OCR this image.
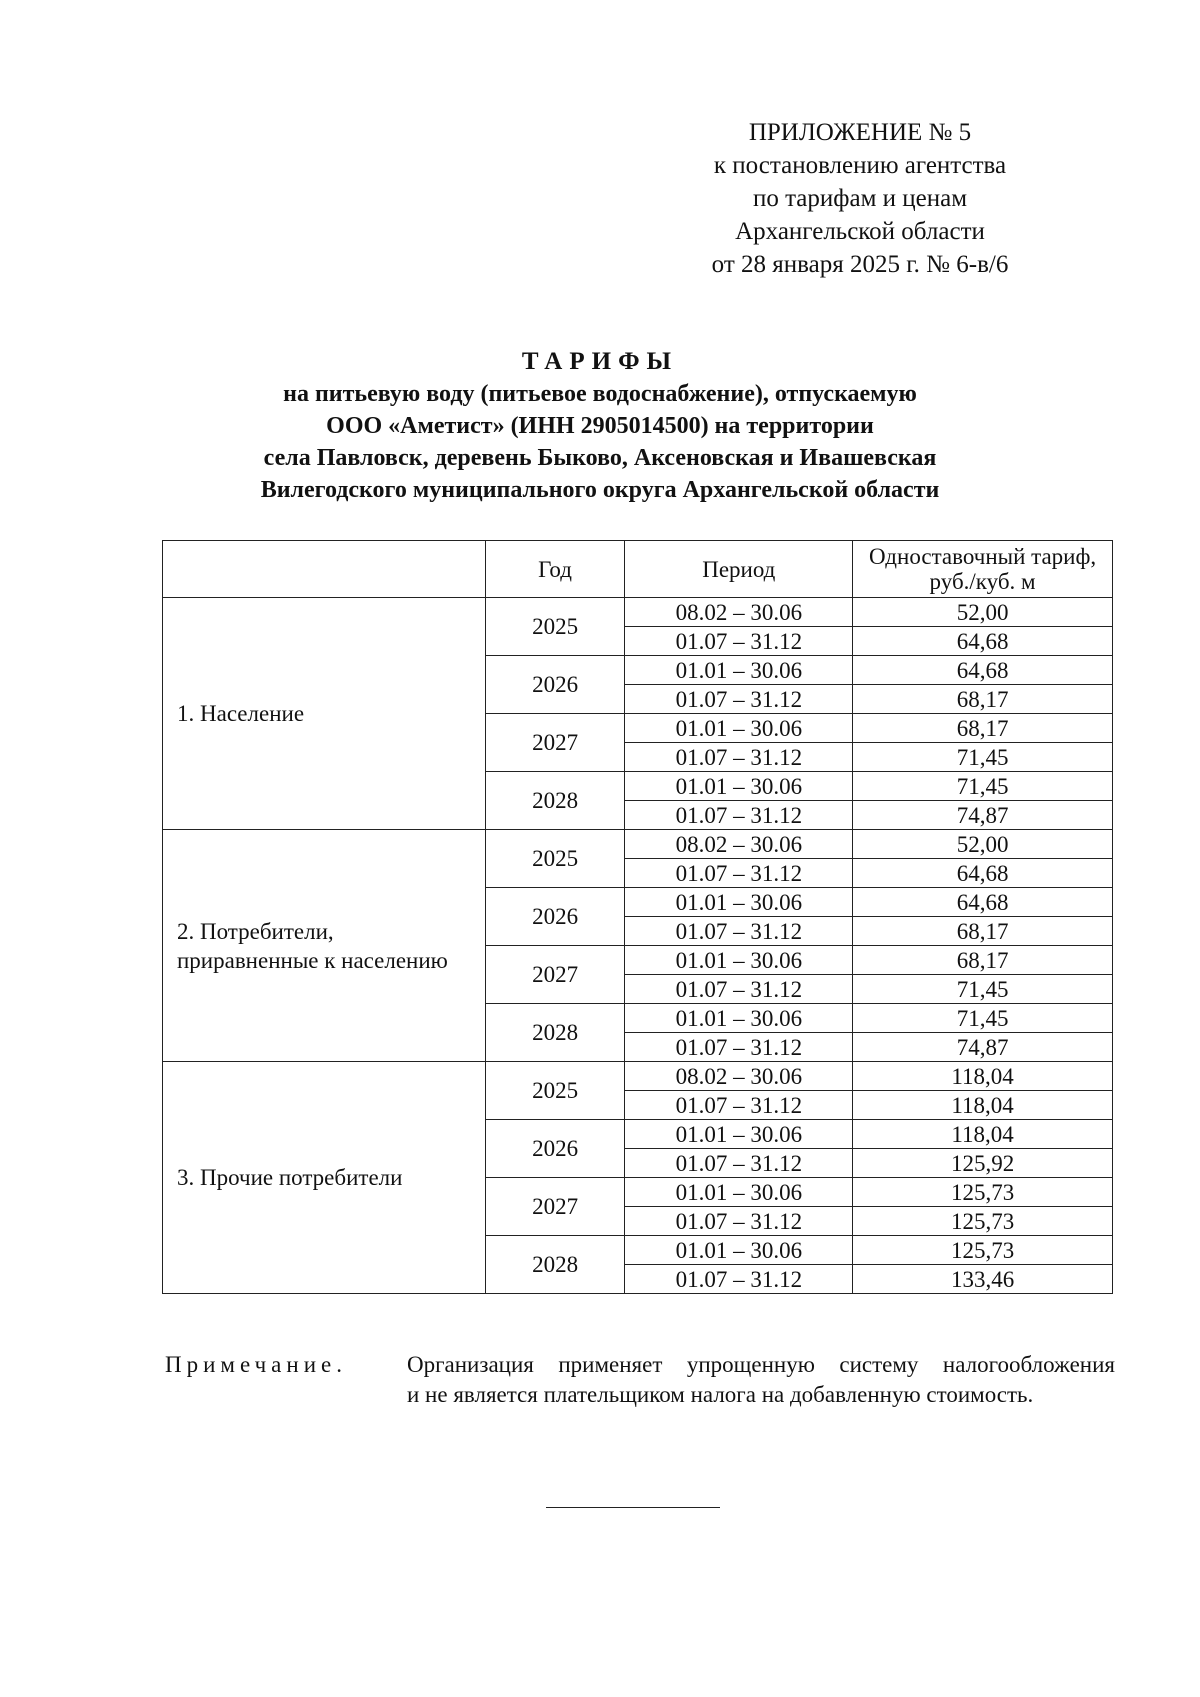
ПРИЛОЖЕНИЕ № 5
к постановлению агентства
по тарифам и ценам
Архангельской области
от 28 января 2025 г. № 6-в/6
ТАРИФЫ
на питьевую воду (питьевое водоснабжение), отпускаемую
ООО «Аметист» (ИНН 2905014500) на территории
села Павловск, деревень Быково, Аксеновская и Ивашевская
Вилегодского муниципального округа Архангельской области
	Год	Период	Одноставочный тариф,
руб./куб. м
1. Население	2025	08.02 – 30.06	52,00
		01.07 – 31.12	64,68
	2026	01.01 – 30.06	64,68
		01.07 – 31.12	68,17
	2027	01.01 – 30.06	68,17
		01.07 – 31.12	71,45
	2028	01.01 – 30.06	71,45
		01.07 – 31.12	74,87
2. Потребители, приравненные к населению	2025	08.02 – 30.06	52,00
		01.07 – 31.12	64,68
	2026	01.01 – 30.06	64,68
		01.07 – 31.12	68,17
	2027	01.01 – 30.06	68,17
		01.07 – 31.12	71,45
	2028	01.01 – 30.06	71,45
		01.07 – 31.12	74,87
3. Прочие потребители	2025	08.02 – 30.06	118,04
		01.07 – 31.12	118,04
	2026	01.01 – 30.06	118,04
		01.07 – 31.12	125,92
	2027	01.01 – 30.06	125,73
		01.07 – 31.12	125,73
	2028	01.01 – 30.06	125,73
		01.07 – 31.12	133,46
Примечание.	Организация применяет упрощенную систему налогообложения
и не является плательщиком налога на добавленную стоимость.
